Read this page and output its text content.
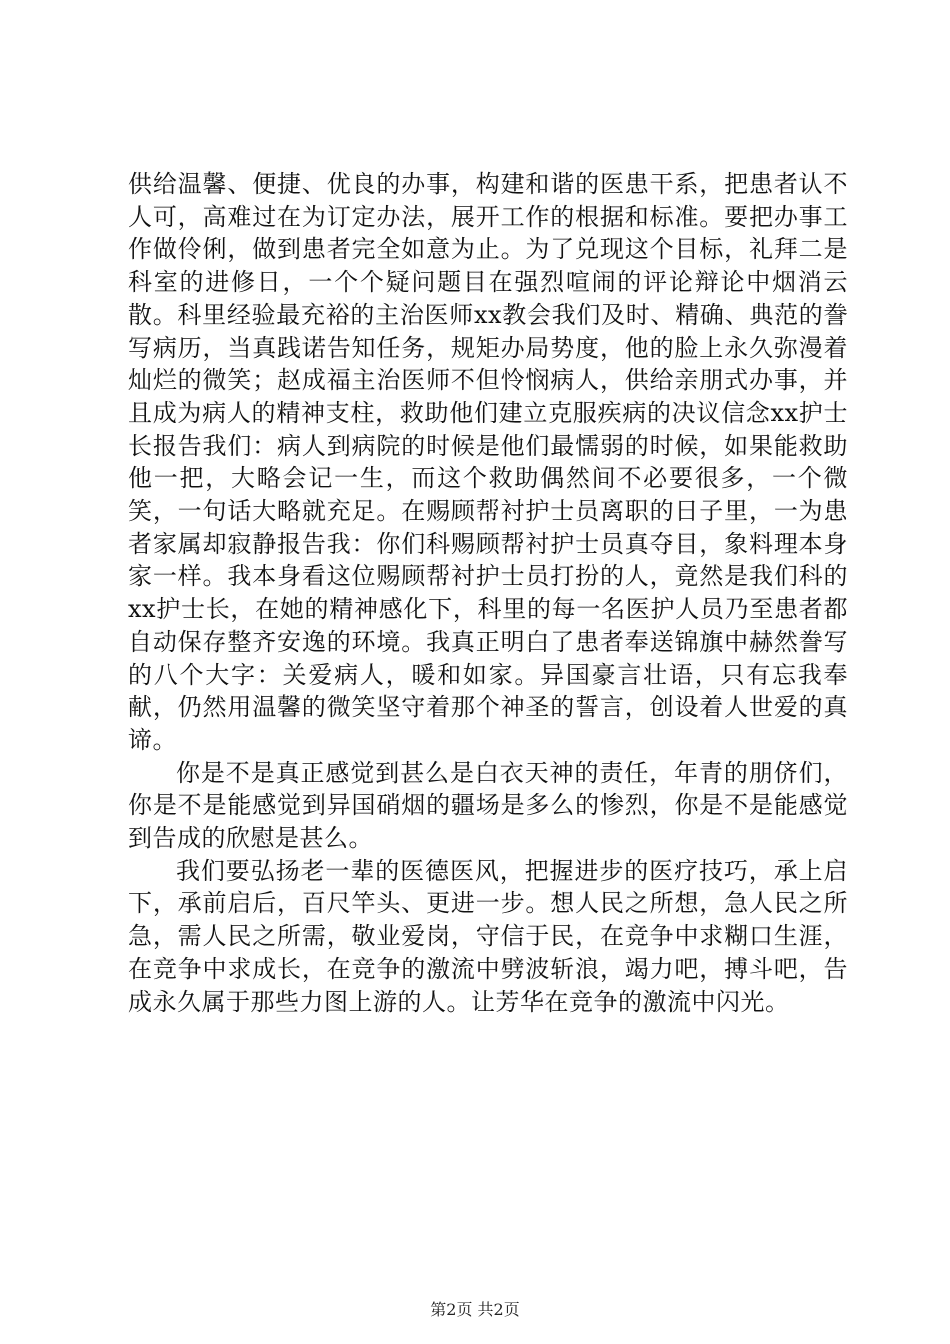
供给温馨、便捷、优良的办事，构建和谐的医患干系，把患者认不人可，高难过在为订定办法，展开工作的根据和标准。要把办事工作做伶俐，做到患者完全如意为止。为了兑现这个目标，礼拜二是科室的进修日，一个个疑问题目在强烈喧闹的评论辩论中烟消云散。科里经验最充裕的主治医师xx教会我们及时、精确、典范的誊写病历，当真践诺告知任务，规矩办局势度，他的脸上永久弥漫着灿烂的微笑；赵成福主治医师不但怜悯病人，供给亲朋式办事，并且成为病人的精神支柱，救助他们建立克服疾病的决议信念xx护士长报告我们：病人到病院的时候是他们最懦弱的时候，如果能救助他一把，大略会记一生，而这个救助偶然间不必要很多，一个微笑，一句话大略就充足。在赐顾帮衬护士员离职的日子里，一为患者家属却寂静报告我：你们科赐顾帮衬护士员真夺目，象料理本身家一样。我本身看这位赐顾帮衬护士员打扮的人，竟然是我们科的xx护士长，在她的精神感化下，科里的每一名医护人员乃至患者都自动保存整齐安逸的环境。我真正明白了患者奉送锦旗中赫然誊写的八个大字：关爱病人，暖和如家。异国豪言壮语，只有忘我奉献，仍然用温馨的微笑坚守着那个神圣的誓言，创设着人世爱的真谛。

你是不是真正感觉到甚么是白衣天神的责任，年青的朋侪们，你是不是能感觉到异国硝烟的疆场是多么的惨烈，你是不是能感觉到告成的欣慰是甚么。

我们要弘扬老一辈的医德医风，把握进步的医疗技巧，承上启下，承前启后，百尺竿头、更进一步。想人民之所想，急人民之所急，需人民之所需，敬业爱岗，守信于民，在竞争中求糊口生涯，在竞争中求成长，在竞争的激流中劈波斩浪，竭力吧，搏斗吧，告成永久属于那些力图上游的人。让芳华在竞争的激流中闪光。

第2页 共2页
